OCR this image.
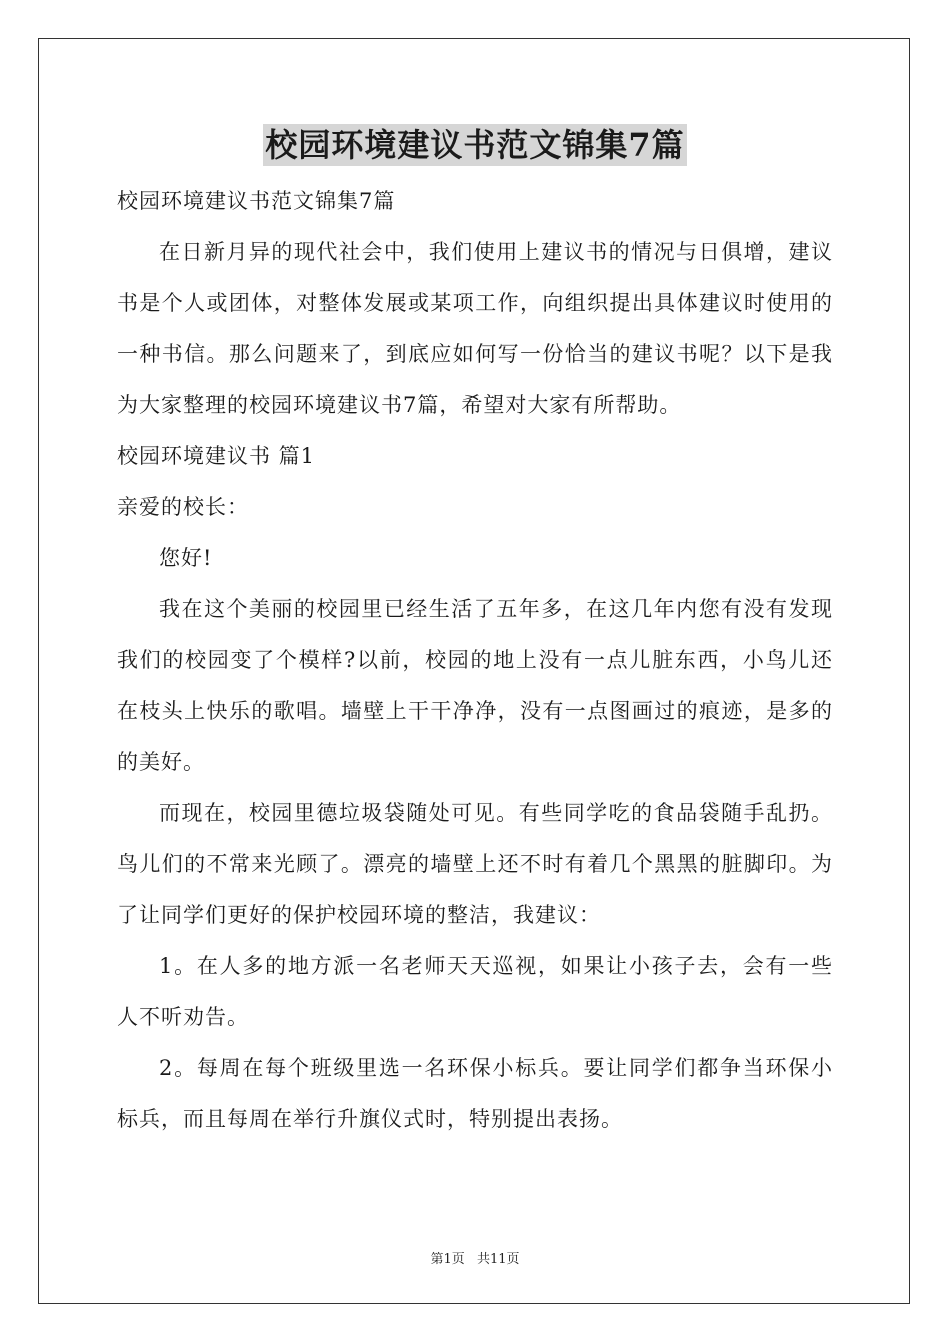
校园环境建议书范文锦集7篇

校园环境建议书范文锦集7篇

在日新月异的现代社会中，我们使用上建议书的情况与日俱增，建议书是个人或团体，对整体发展或某项工作，向组织提出具体建议时使用的一种书信。那么问题来了，到底应如何写一份恰当的建议书呢？以下是我为大家整理的校园环境建议书7篇，希望对大家有所帮助。

校园环境建议书 篇1

亲爱的校长：

您好!

我在这个美丽的校园里已经生活了五年多，在这几年内您有没有发现我们的校园变了个模样?以前，校园的地上没有一点儿脏东西，小鸟儿还在枝头上快乐的歌唱。墙壁上干干净净，没有一点图画过的痕迹，是多的的美好。

而现在，校园里德垃圾袋随处可见。有些同学吃的食品袋随手乱扔。鸟儿们的不常来光顾了。漂亮的墙壁上还不时有着几个黑黑的脏脚印。为了让同学们更好的保护校园环境的整洁，我建议：

1。在人多的地方派一名老师天天巡视，如果让小孩子去，会有一些人不听劝告。

2。每周在每个班级里选一名环保小标兵。要让同学们都争当环保小标兵，而且每周在举行升旗仪式时，特别提出表扬。

第1页 共11页
